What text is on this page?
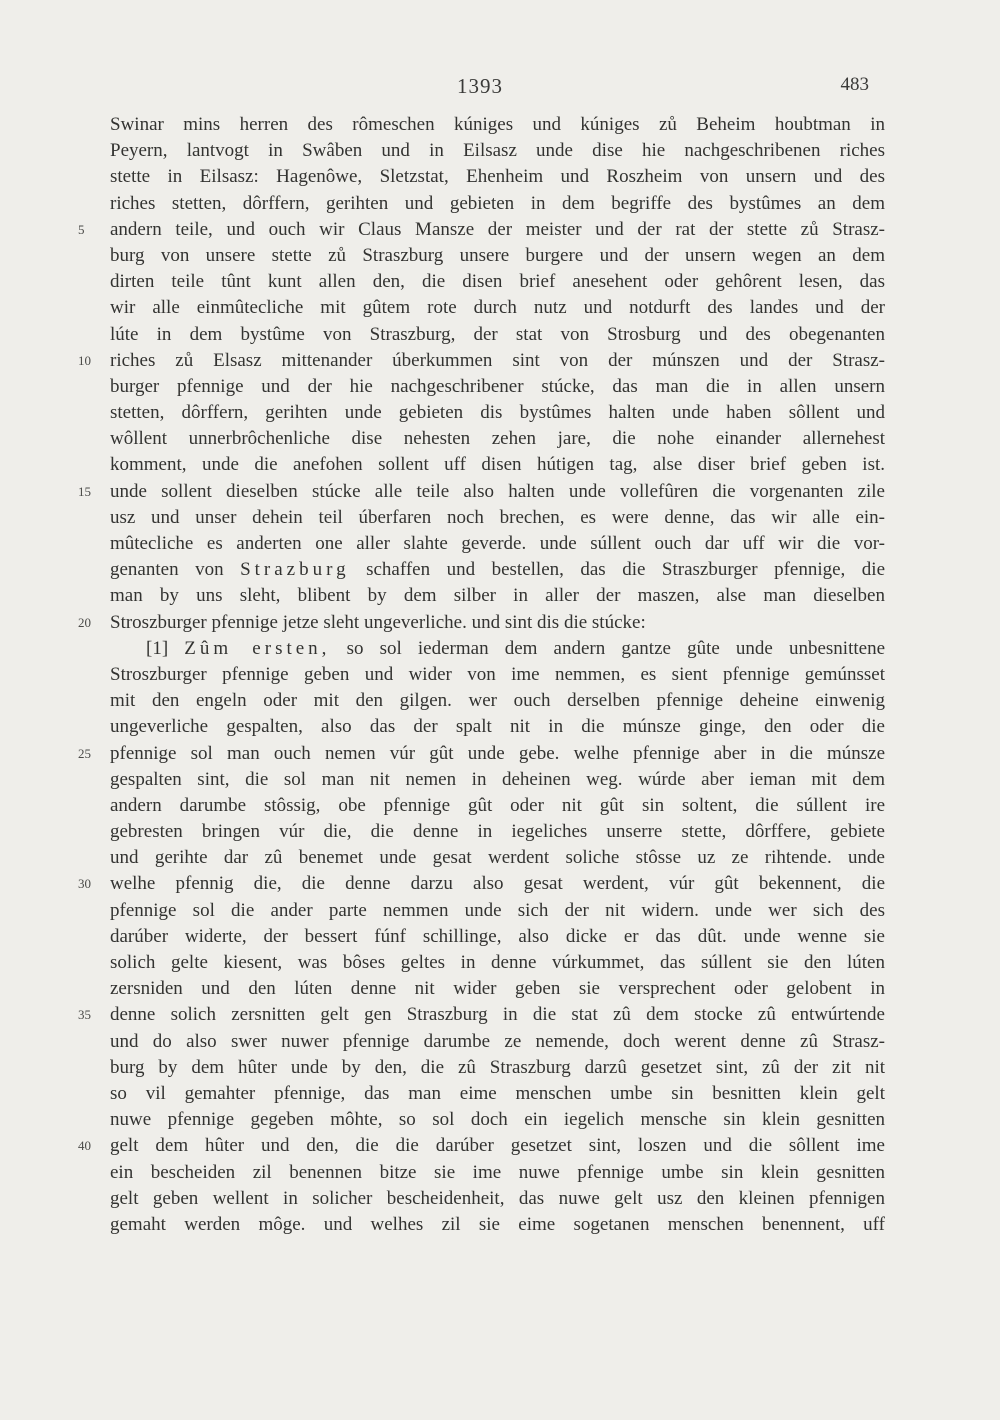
1393	483
Swinar mins herren des rômeschen kúniges und kúniges zů Beheim houbtman in
Peyern, lantvogt in Swâben und in Eilsasz unde dise hie nachgeschribenen riches
stette in Eilsasz: Hagenôwe, Sletzstat, Ehenheim und Roszheim von unsern und des
riches stetten, dôrffern, gerihten und gebieten in dem begriffe des bystûmes an dem
5	andern teile, und ouch wir Claus Mansze der meister und der rat der stette zů Strasz-
burg von unsere stette zů Straszburg unsere burgere und der unsern wegen an dem
dirten teile tûnt kunt allen den, die disen brief anesehent oder gehôrent lesen, das
wir alle einmûtecliche mit gûtem rote durch nutz und notdurft des landes und der
lúte in dem bystûme von Straszburg, der stat von Strosburg und des obegenanten
10	riches zů Elsasz mittenander úberkummen sint von der múnszen und der Strasz-
burger pfennige und der hie nachgeschribener stúcke, das man die in allen unsern
stetten, dôrffern, gerihten unde gebieten dis bystûmes halten unde haben sôllent und
wôllent unnerbrôchenliche dise nehesten zehen jare, die nohe einander allernehest
komment, unde die anefohen sollent uff disen hútigen tag, alse diser brief geben ist.
15	unde sollent dieselben stúcke alle teile also halten unde vollefûren die vorgenanten zile
usz und unser dehein teil úberfaren noch brechen, es were denne, das wir alle ein-
mûtecliche es anderten one aller slahte geverde. unde súllent ouch dar uff wir die vor-
genanten von Strazburg schaffen und bestellen, das die Straszburger pfennige, die
man by uns sleht, blibent by dem silber in aller der maszen, alse man dieselben
20	Stroszburger pfennige jetze sleht ungeverliche. und sint dis die stúcke:
[1] Zûm ersten, so sol iederman dem andern gantze gûte unde unbesnittene
Stroszburger pfennige geben und wider von ime nemmen, es sient pfennige gemúnsset
mit den engeln oder mit den gilgen. wer ouch derselben pfennige deheine einwenig
ungeverliche gespalten, also das der spalt nit in die múnsze ginge, den oder die
25	pfennige sol man ouch nemen vúr gût unde gebe. welhe pfennige aber in die múnsze
gespalten sint, die sol man nit nemen in deheinen weg. wúrde aber ieman mit dem
andern darumbe stôssig, obe pfennige gût oder nit gût sin soltent, die súllent ire
gebresten bringen vúr die, die denne in iegeliches unserre stette, dôrffere, gebiete
und gerihte dar zû benemet unde gesat werdent soliche stôsse uz ze rihtende. unde
30	welhe pfennig die, die denne darzu also gesat werdent, vúr gût bekennent, die
pfennige sol die ander parte nemmen unde sich der nit widern. unde wer sich des
darúber widerte, der bessert fúnf schillinge, also dicke er das dût. unde wenne sie
solich gelte kiesent, was bôses geltes in denne vúrkummet, das súllent sie den lúten
zersniden und den lúten denne nit wider geben sie versprechent oder gelobent in
35	denne solich zersnitten gelt gen Straszburg in die stat zû dem stocke zû entwúrtende
und do also swer nuwer pfennige darumbe ze nemende, doch werent denne zû Strasz-
burg by dem hûter unde by den, die zû Straszburg darzû gesetzet sint, zû der zit nit
so vil gemahter pfennige, das man eime menschen umbe sin besnitten klein gelt
nuwe pfennige gegeben môhte, so sol doch ein iegelich mensche sin klein gesnitten
40	gelt dem hûter und den, die die darúber gesetzet sint, loszen und die sôllent ime
ein bescheiden zil benennen bitze sie ime nuwe pfennige umbe sin klein gesnitten
gelt geben wellent in solicher bescheidenheit, das nuwe gelt usz den kleinen pfennigen
gemaht werden môge. und welhes zil sie eime sogetanen menschen benennent, uff
